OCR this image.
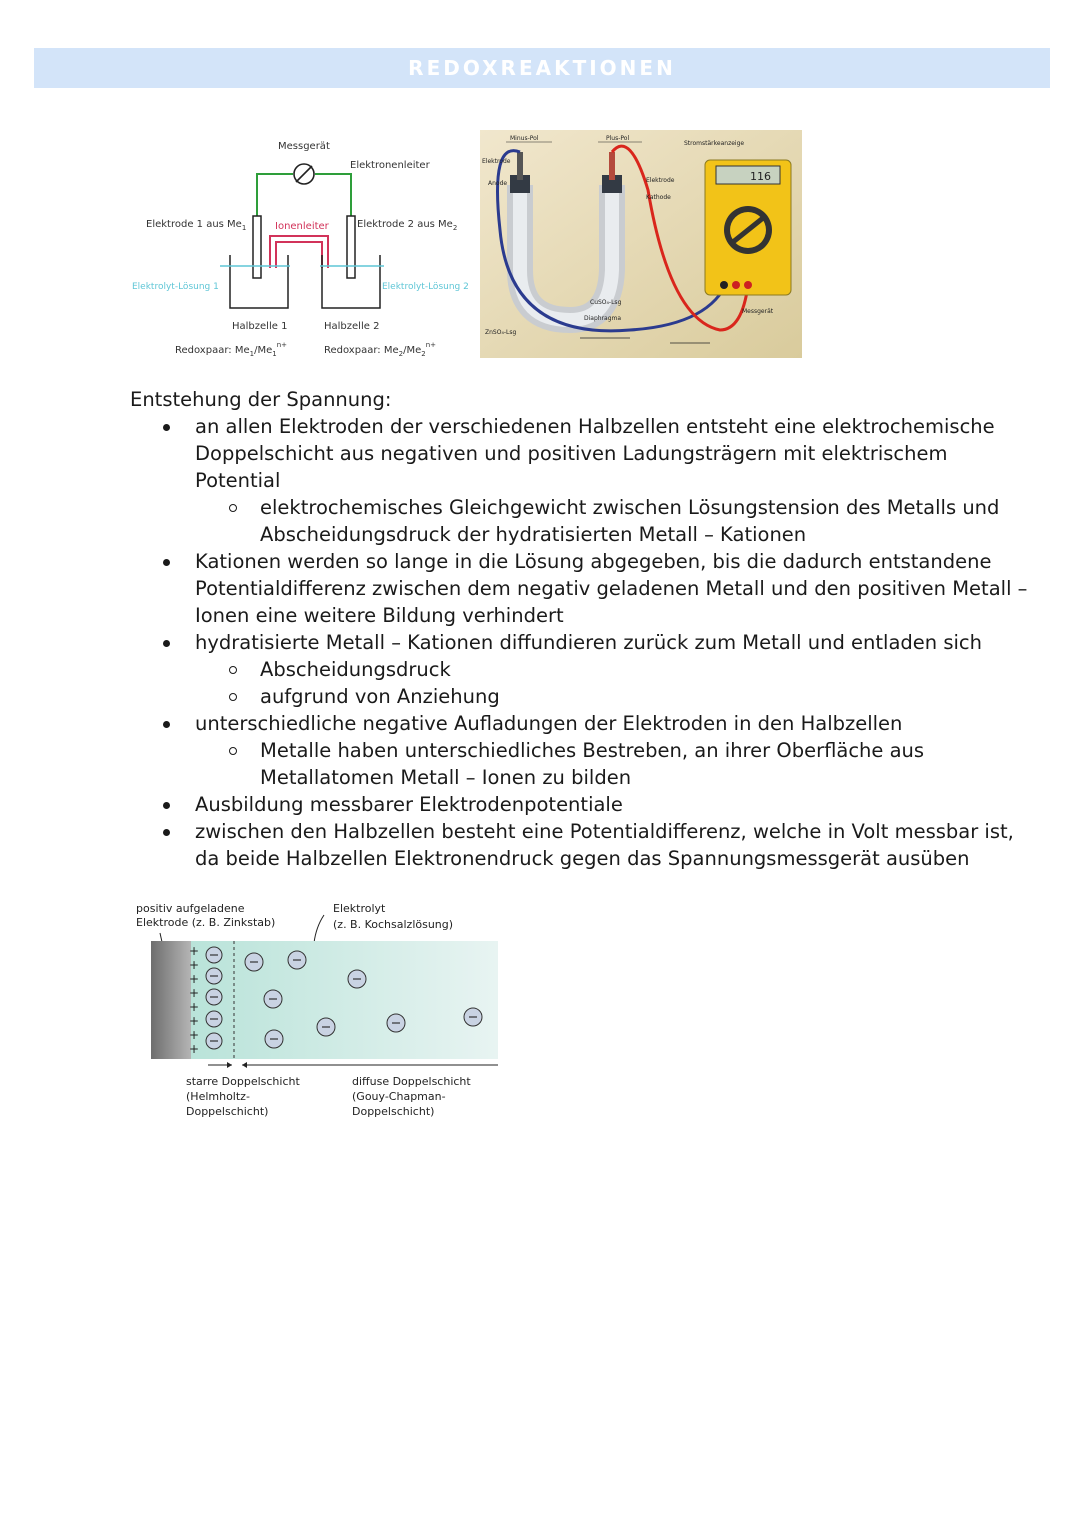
REDOXREAKTIONEN
Messgerät
Elektronenleiter
Elektrode 1 aus $Me_1$	Elektrode 2 aus $Me_2$
Ionenleiter
Elektrolyt-Lösung 1	Elektrolyt-Lösung 2
Halbzelle 1	Halbzelle 2
Redoxpaar: $Me_1/Me_1^{n+}$	Redoxpaar: $Me_2/Me_2^{n+}$
116
Minus-Pol	Plus-Pol
Stromstärkeanzeige
Elektrode
Anode	Elektrode
Kathode
ZnSO₄-Lsg
CuSO₄-Lsg
Diaphragma
Messgerät

Entstehung der Spannung:

an allen Elektroden der verschiedenen Halbzellen entsteht eine elektrochemische Doppelschicht aus negativen und positiven Ladungsträgern mit elektrischem Potential
elektrochemisches Gleichgewicht zwischen Lösungstension des Metalls und Abscheidungsdruck der hydratisierten Metall – Kationen
Kationen werden so lange in die Lösung abgegeben, bis die dadurch entstandene Potentialdifferenz zwischen dem negativ geladenen Metall und den positiven Metall – Ionen eine weitere Bildung verhindert
hydratisierte Metall – Kationen diffundieren zurück zum Metall und entladen sich
Abscheidungsdruck
aufgrund von Anziehung
unterschiedliche negative Aufladungen der Elektroden in den Halbzellen
Metalle haben unterschiedliches Bestreben, an ihrer Oberfläche aus Metallatomen Metall – Ionen zu bilden
Ausbildung messbarer Elektrodenpotentiale
zwischen den Halbzellen besteht eine Potentialdifferenz, welche in Volt messbar ist, da beide Halbzellen Elektronendruck gegen das Spannungsmessgerät ausüben
positiv aufgeladene
Elektrode (z. B. Zinkstab)
Elektrolyt
(z. B. Kochsalzlösung)
+
+
+
+
+
+
+
+
starre Doppelschicht
(Helmholtz-
Doppelschicht)
diffuse Doppelschicht
(Gouy-Chapman-
Doppelschicht)
